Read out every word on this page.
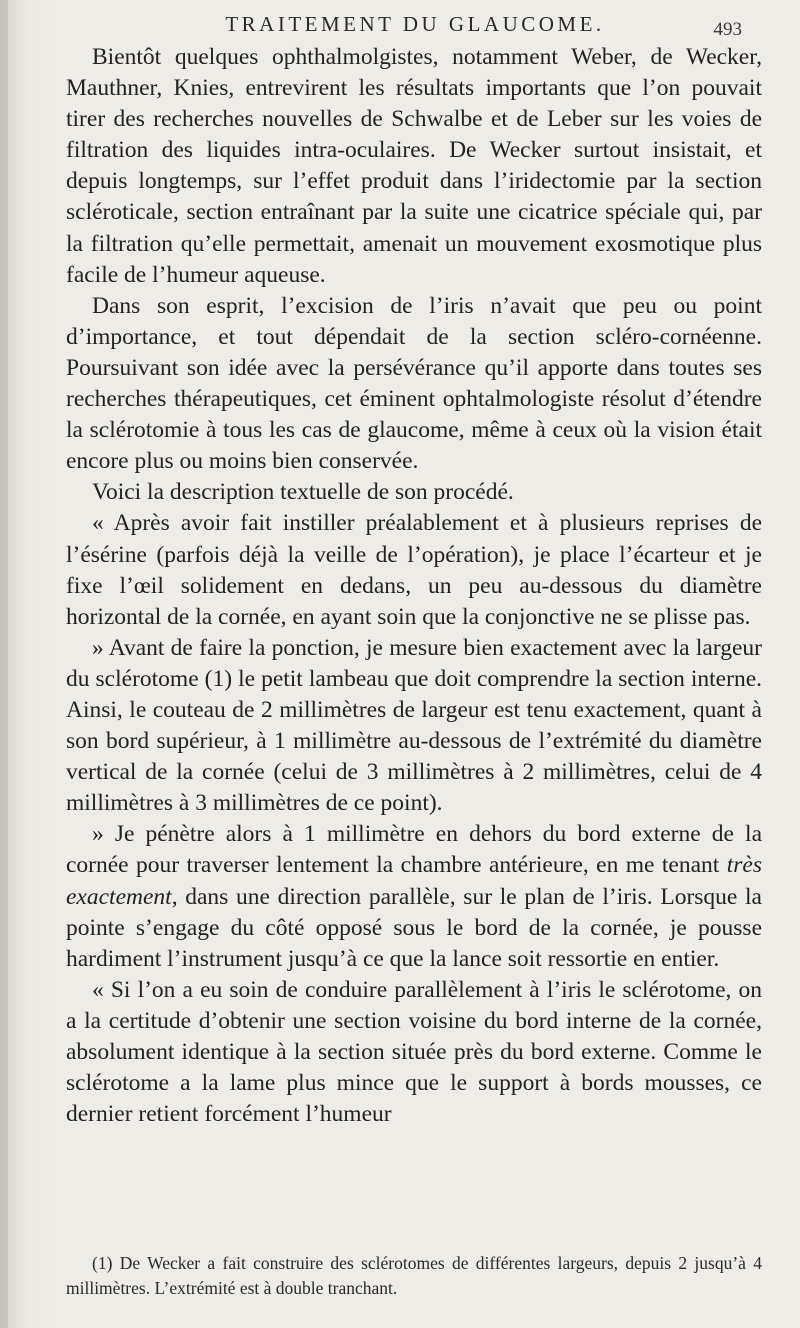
TRAITEMENT DU GLAUCOME.	493

Bientôt quelques ophthalmolgistes, notamment Weber, de Wecker, Mauthner, Knies, entrevirent les résultats importants que l’on pouvait tirer des recherches nouvelles de Schwalbe et de Leber sur les voies de filtration des liquides intra-oculaires. De Wecker surtout insistait, et depuis longtemps, sur l’effet produit dans l’iridectomie par la section scléroticale, section entraînant par la suite une cicatrice spéciale qui, par la filtration qu’elle permettait, amenait un mouvement exosmotique plus facile de l’humeur aqueuse.

Dans son esprit, l’excision de l’iris n’avait que peu ou point d’importance, et tout dépendait de la section scléro-cornéenne. Poursuivant son idée avec la persévérance qu’il apporte dans toutes ses recherches thérapeutiques, cet éminent ophtalmologiste résolut d’étendre la sclérotomie à tous les cas de glaucome, même à ceux où la vision était encore plus ou moins bien conservée.

Voici la description textuelle de son procédé.

« Après avoir fait instiller préalablement et à plusieurs reprises de l’ésérine (parfois déjà la veille de l’opération), je place l’écarteur et je fixe l’œil solidement en dedans, un peu au-dessous du diamètre horizontal de la cornée, en ayant soin que la conjonctive ne se plisse pas.

» Avant de faire la ponction, je mesure bien exactement avec la largeur du sclérotome (1) le petit lambeau que doit comprendre la section interne. Ainsi, le couteau de 2 millimètres de largeur est tenu exactement, quant à son bord supérieur, à 1 millimètre au-dessous de l’extrémité du diamètre vertical de la cornée (celui de 3 millimètres à 2 millimètres, celui de 4 millimètres à 3 millimètres de ce point).

» Je pénètre alors à 1 millimètre en dehors du bord externe de la cornée pour traverser lentement la chambre antérieure, en me tenant très exactement, dans une direction parallèle, sur le plan de l’iris. Lorsque la pointe s’engage du côté opposé sous le bord de la cornée, je pousse hardiment l’instrument jusqu’à ce que la lance soit ressortie en entier.

« Si l’on a eu soin de conduire parallèlement à l’iris le sclérotome, on a la certitude d’obtenir une section voisine du bord interne de la cornée, absolument identique à la section située près du bord externe. Comme le sclérotome a la lame plus mince que le support à bords mousses, ce dernier retient forcément l’humeur

(1) De Wecker a fait construire des sclérotomes de différentes largeurs, depuis 2 jusqu’à 4 millimètres. L’extrémité est à double tranchant.
